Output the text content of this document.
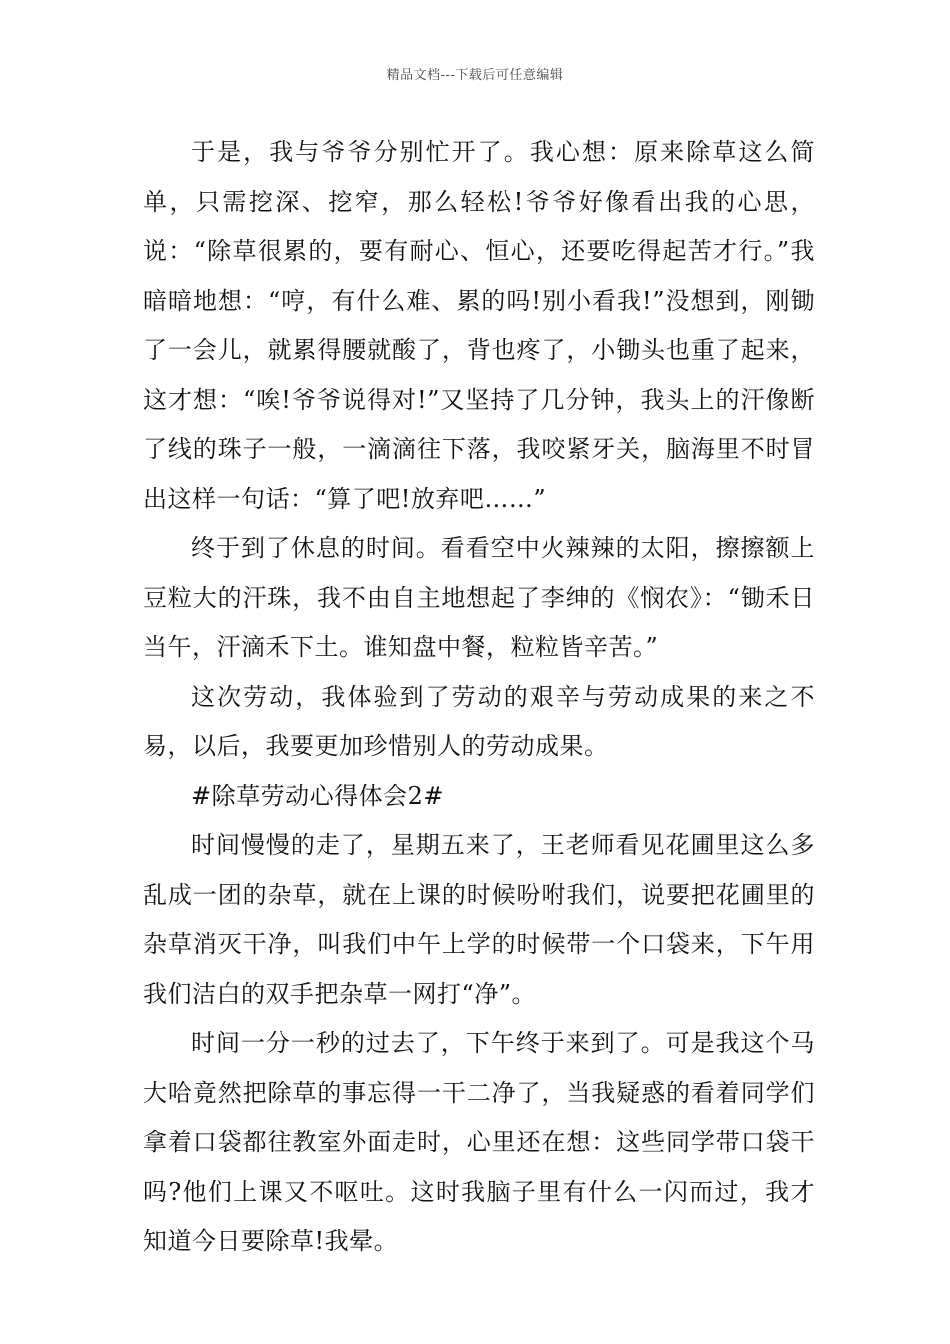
精品文档---下载后可任意编辑

于是，我与爷爷分别忙开了。我心想：原来除草这么简单，只需挖深、挖窄，那么轻松!爷爷好像看出我的心思，说：“除草很累的，要有耐心、恒心，还要吃得起苦才行。”我暗暗地想：“哼，有什么难、累的吗!别小看我!”没想到，刚锄了一会儿，就累得腰就酸了，背也疼了，小锄头也重了起来，这才想：“唉!爷爷说得对!”又坚持了几分钟，我头上的汗像断了线的珠子一般，一滴滴往下落，我咬紧牙关，脑海里不时冒出这样一句话：“算了吧!放弃吧……”

终于到了休息的时间。看看空中火辣辣的太阳，擦擦额上豆粒大的汗珠，我不由自主地想起了李绅的《悯农》：“锄禾日当午，汗滴禾下土。谁知盘中餐，粒粒皆辛苦。”

这次劳动，我体验到了劳动的艰辛与劳动成果的来之不易，以后，我要更加珍惜别人的劳动成果。

#除草劳动心得体会2#

时间慢慢的走了，星期五来了，王老师看见花圃里这么多乱成一团的杂草，就在上课的时候吩咐我们，说要把花圃里的杂草消灭干净，叫我们中午上学的时候带一个口袋来，下午用我们洁白的双手把杂草一网打“净”。

时间一分一秒的过去了，下午终于来到了。可是我这个马大哈竟然把除草的事忘得一干二净了，当我疑惑的看着同学们拿着口袋都往教室外面走时，心里还在想：这些同学带口袋干吗?他们上课又不呕吐。这时我脑子里有什么一闪而过，我才知道今日要除草!我晕。
